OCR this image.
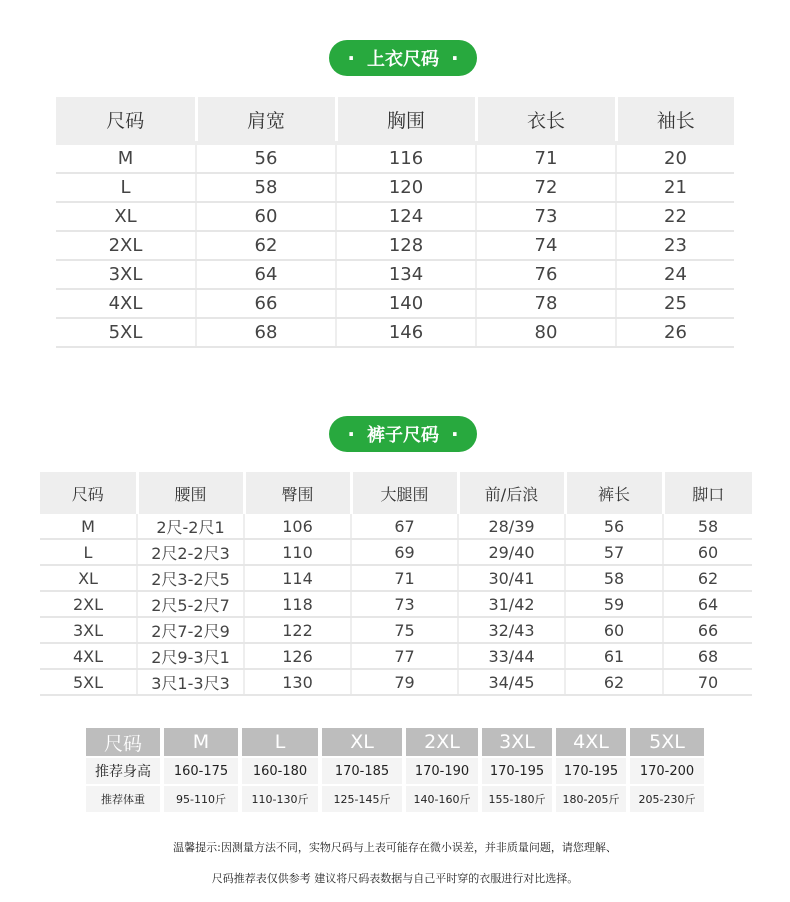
· 上衣尺码 ·
尺码	肩宽	胸围	衣长	袖长
M	56	116	71	20
L	58	120	72	21
XL	60	124	73	22
2XL	62	128	74	23
3XL	64	134	76	24
4XL	66	140	78	25
5XL	68	146	80	26
· 裤子尺码 ·
尺码	腰围	臀围	大腿围	前/后浪	裤长	脚口
M	2尺-2尺1	106	67	28/39	56	58
L	2尺2-2尺3	110	69	29/40	57	60
XL	2尺3-2尺5	114	71	30/41	58	62
2XL	2尺5-2尺7	118	73	31/42	59	64
3XL	2尺7-2尺9	122	75	32/43	60	66
4XL	2尺9-3尺1	126	77	33/44	61	68
5XL	3尺1-3尺3	130	79	34/45	62	70
尺码	M	L	XL	2XL	3XL	4XL	5XL
推荐身高	160-175	160-180	170-185	170-190	170-195	170-195	170-200
推荐体重	95-110斤	110-130斤	125-145斤	140-160斤	155-180斤	180-205斤	205-230斤
温馨提示:因测量方法不同，实物尺码与上表可能存在微小误差，并非质量问题，请您理解、
尺码推荐表仅供参考 建议将尺码表数据与自己平时穿的衣服进行对比选择。
